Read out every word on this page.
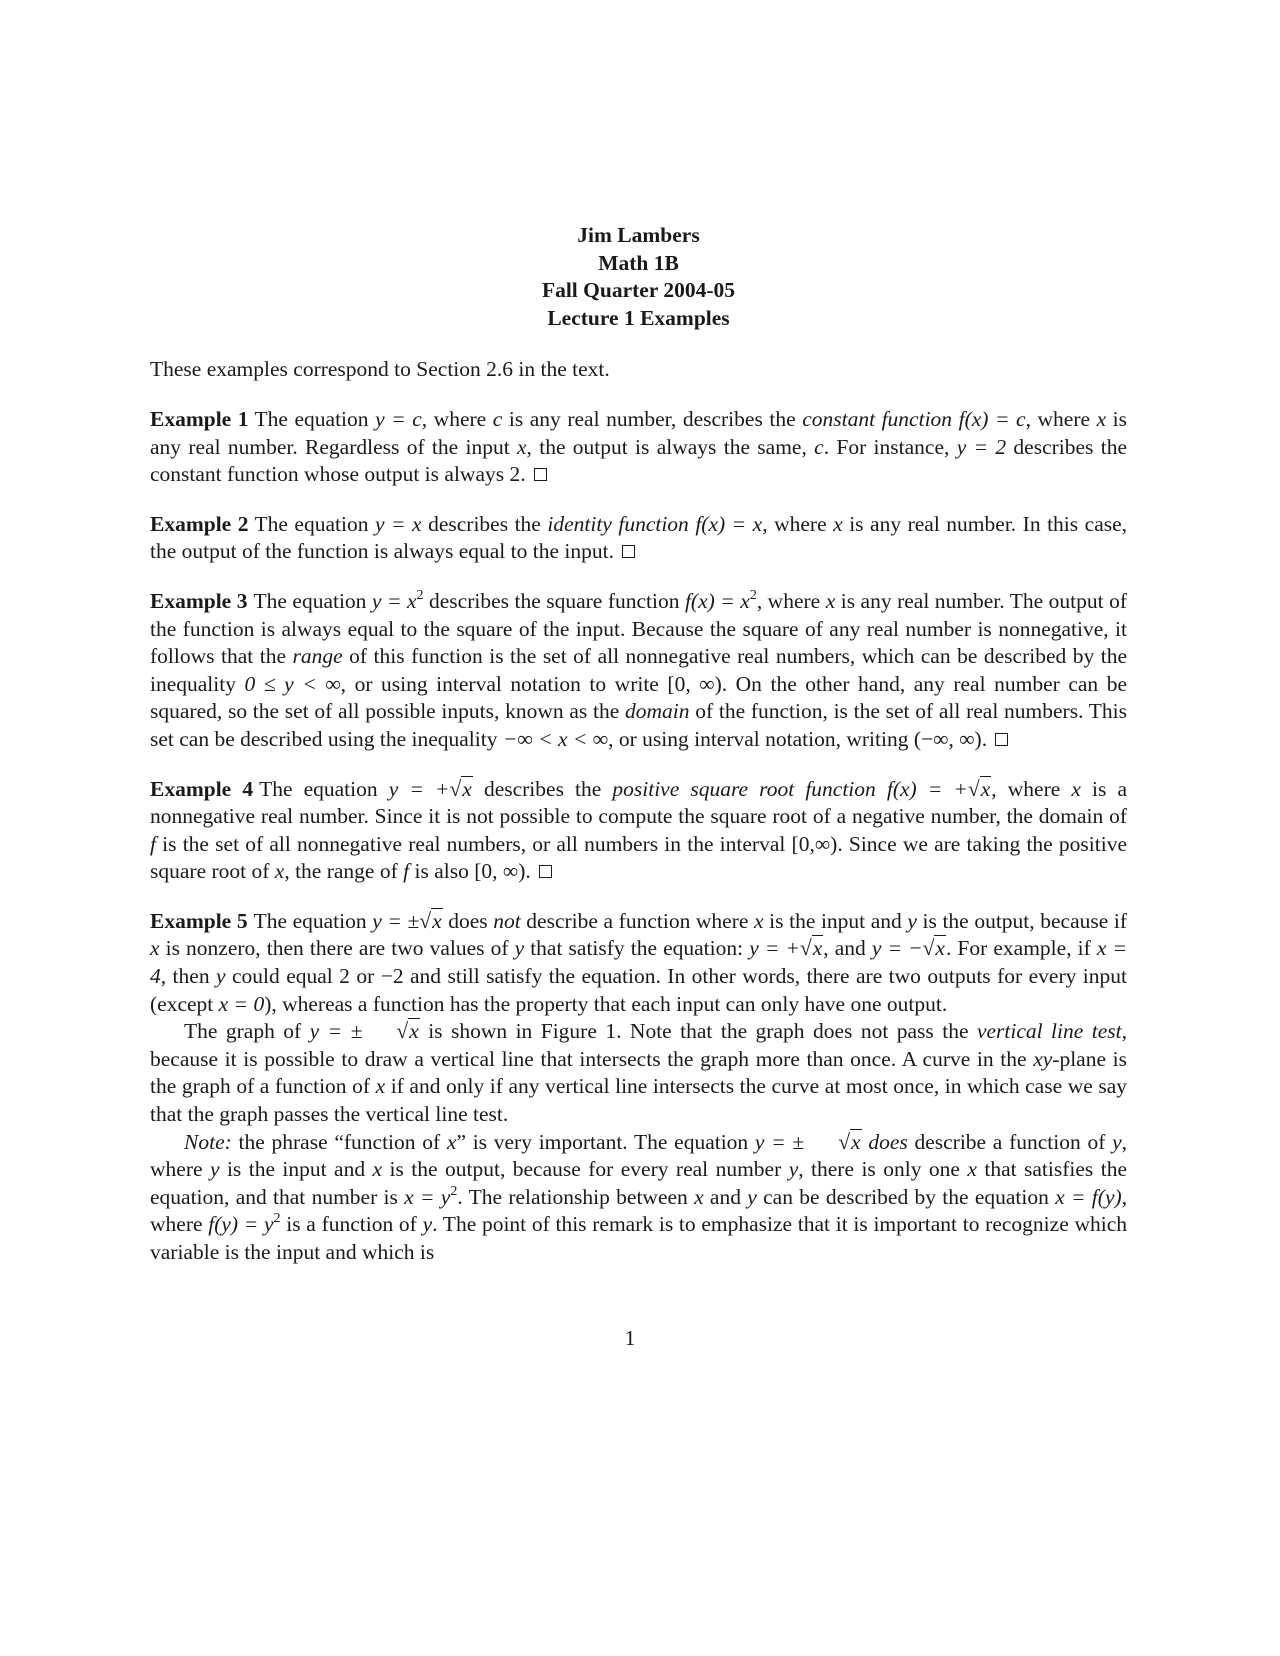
Jim Lambers
Math 1B
Fall Quarter 2004-05
Lecture 1 Examples

These examples correspond to Section 2.6 in the text.

Example 1 The equation y = c, where c is any real number, describes the constant function f(x) = c, where x is any real number. Regardless of the input x, the output is always the same, c. For instance, y = 2 describes the constant function whose output is always 2.

Example 2 The equation y = x describes the identity function f(x) = x, where x is any real number. In this case, the output of the function is always equal to the input.

Example 3 The equation $y = x^2$ describes the square function $f(x) = x^2$, where x is any real number. The output of the function is always equal to the square of the input. Because the square of any real number is nonnegative, it follows that the range of this function is the set of all nonnegative real numbers, which can be described by the inequality 0 ≤ y < ∞, or using interval notation to write [0, ∞). On the other hand, any real number can be squared, so the set of all possible inputs, known as the domain of the function, is the set of all real numbers. This set can be described using the inequality −∞ < x < ∞, or using interval notation, writing (−∞, ∞).

Example 4 The equation y = +√x describes the positive square root function f(x) = +√x, where x is a nonnegative real number. Since it is not possible to compute the square root of a negative number, the domain of f is the set of all nonnegative real numbers, or all numbers in the interval [0,∞). Since we are taking the positive square root of x, the range of f is also [0, ∞).

Example 5 The equation y = ±√x does not describe a function where x is the input and y is the output, because if x is nonzero, then there are two values of y that satisfy the equation: y = +√x, and y = −√x. For example, if x = 4, then y could equal 2 or −2 and still satisfy the equation. In other words, there are two outputs for every input (except x = 0), whereas a function has the property that each input can only have one output.

The graph of y = ± √x is shown in Figure 1. Note that the graph does not pass the vertical line test, because it is possible to draw a vertical line that intersects the graph more than once. A curve in the xy-plane is the graph of a function of x if and only if any vertical line intersects the curve at most once, in which case we say that the graph passes the vertical line test.

Note: the phrase “function of x” is very important. The equation y = ± √x does describe a function of y, where y is the input and x is the output, because for every real number y, there is only one x that satisfies the equation, and that number is $x = y^2$. The relationship between x and y can be described by the equation x = f(y), where $f(y) = y^2$ is a function of y. The point of this remark is to emphasize that it is important to recognize which variable is the input and which is

1
